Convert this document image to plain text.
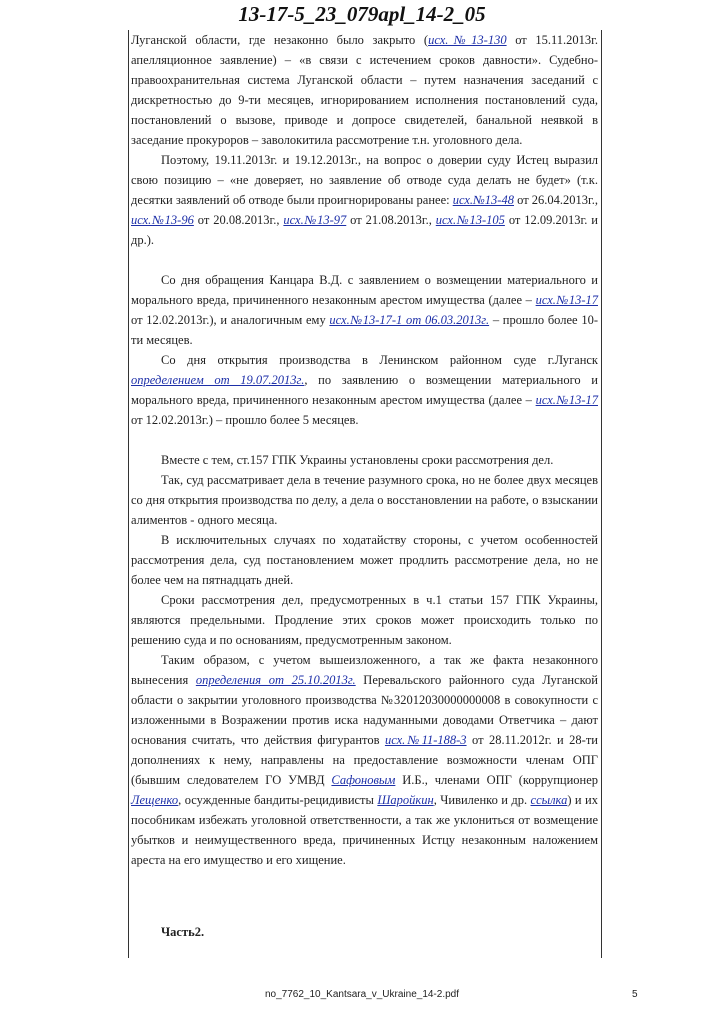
13-17-5_23_079apl_14-2_05

Луганской области, где незаконно было закрыто (исх.№13-130 от 15.11.2013г. апелляционное заявление) – «в связи с истечением сроков давности». Судебно-правоохранительная система Луганской области – путем назначения заседаний с дискретностью до 9-ти месяцев, игнорированием исполнения постановлений суда, постановлений о вызове, приводе и допросе свидетелей, банальной неявкой в заседание прокуроров – заволокитила рассмотрение т.н. уголовного дела.

Поэтому, 19.11.2013г. и 19.12.2013г., на вопрос о доверии суду Истец выразил свою позицию – «не доверяет, но заявление об отводе суда делать не будет» (т.к. десятки заявлений об отводе были проигнорированы ранее: исх.№13-48 от 26.04.2013г., исх.№13-96 от 20.08.2013г., исх.№13-97 от 21.08.2013г., исх.№13-105 от 12.09.2013г. и др.).

Со дня обращения Канцара В.Д. с заявлением о возмещении материального и морального вреда, причиненного незаконным арестом имущества (далее – исх.№13-17 от 12.02.2013г.), и аналогичным ему исх.№13-17-1 от 06.03.2013г. – прошло более 10-ти месяцев.

Со дня открытия производства в Ленинском районном суде г.Луганск определением от 19.07.2013г., по заявлению о возмещении материального и морального вреда, причиненного незаконным арестом имущества (далее – исх.№13-17 от 12.02.2013г.) – прошло более 5 месяцев.

Вместе с тем, ст.157 ГПК Украины установлены сроки рассмотрения дел.

Так, суд рассматривает дела в течение разумного срока, но не более двух месяцев со дня открытия производства по делу, а дела о восстановлении на работе, о взыскании алиментов - одного месяца.

В исключительных случаях по ходатайству стороны, с учетом особенностей рассмотрения дела, суд постановлением может продлить рассмотрение дела, но не более чем на пятнадцать дней.

Сроки рассмотрения дел, предусмотренных в ч.1 статьи 157 ГПК Украины, являются предельными. Продление этих сроков может происходить только по решению суда и по основаниям, предусмотренным законом.

Таким образом, с учетом вышеизложенного, а так же факта незаконного вынесения определения от 25.10.2013г. Перевальского районного суда Луганской области о закрытии уголовного производства №32012030000000008 в совокупности с изложенными в Возражении против иска надуманными доводами Ответчика – дают основания считать, что действия фигурантов исх.№11-188-3 от 28.11.2012г. и 28-ти дополнениях к нему, направлены на предоставление возможности членам ОПГ (бывшим следователем ГО УМВД Сафоновым И.Б., членами ОПГ (коррупционер Лещенко, осужденные бандиты-рецидивисты Шаройкин, Чивиленко и др. ссылка) и их пособникам избежать уголовной ответственности, а так же уклониться от возмещение убытков и неимущественного вреда, причиненных Истцу незаконным наложением ареста на его имущество и его хищение.

Часть2.

no_7762_10_Kantsara_v_Ukraine_14-2.pdf	5
